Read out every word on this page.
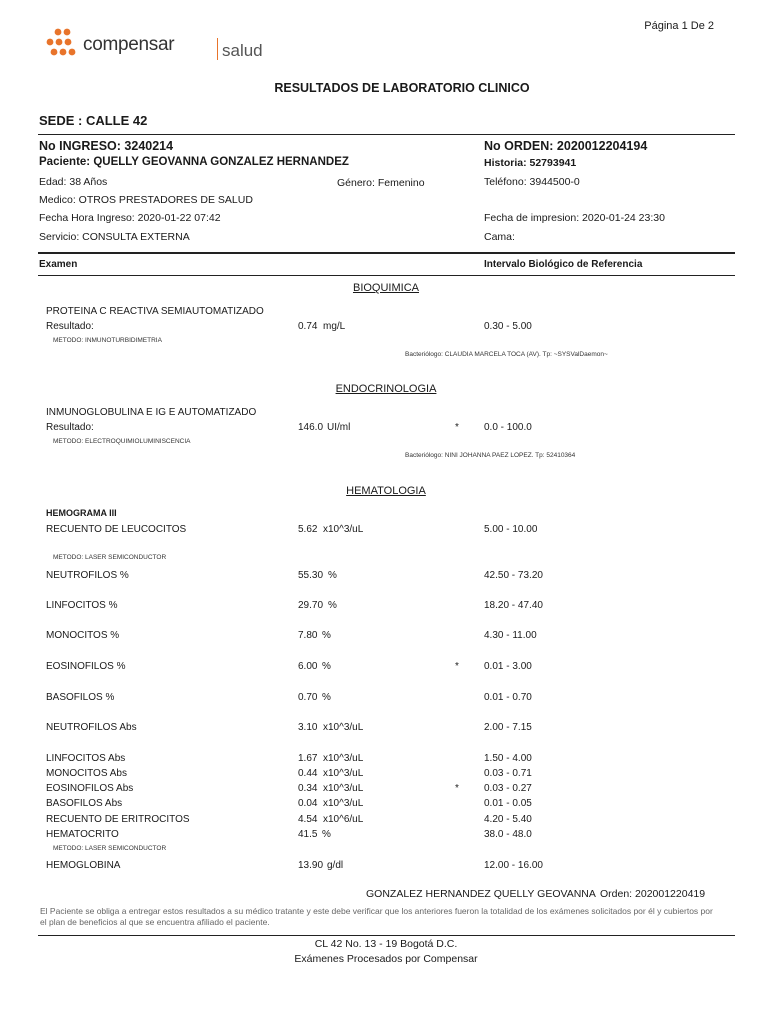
Página 1 De 2
compensar	salud
RESULTADOS DE LABORATORIO CLINICO
SEDE : CALLE 42
No INGRESO: 3240214	No ORDEN: 2020012204194
Paciente: QUELLY GEOVANNA GONZALEZ HERNANDEZ	Historia: 52793941
Edad: 38 Años	Género: Femenino	Teléfono: 3944500-0
Medico: OTROS PRESTADORES DE SALUD
Fecha Hora Ingreso: 2020-01-22 07:42	Fecha de impresion: 2020-01-24 23:30
Servicio: CONSULTA EXTERNA	Cama:
Examen	Intervalo Biológico de Referencia
BIOQUIMICA
PROTEINA C REACTIVA SEMIAUTOMATIZADO
Resultado:	0.74 mg/L	0.30 - 5.00
METODO: INMUNOTURBIDIMETRIA
Bacteriólogo: CLAUDIA MARCELA TOCA (AV). Tp: ~SYSValDaemon~
ENDOCRINOLOGIA
INMUNOGLOBULINA E IG E AUTOMATIZADO
Resultado:	146.0 UI/ml	*	0.0 - 100.0
METODO: ELECTROQUIMIOLUMINISCENCIA
Bacteriólogo: NINI JOHANNA PAEZ LOPEZ. Tp: 52410364
HEMATOLOGIA
HEMOGRAMA III
RECUENTO DE LEUCOCITOS	5.62 x10^3/uL	5.00 - 10.00
METODO: LASER SEMICONDUCTOR
NEUTROFILOS %	55.30 %	42.50 - 73.20
LINFOCITOS %	29.70 %	18.20 - 47.40
MONOCITOS %	7.80 %	4.30 - 11.00
EOSINOFILOS %	6.00 %	*	0.01 - 3.00
BASOFILOS %	0.70 %	0.01 - 0.70
NEUTROFILOS Abs	3.10 x10^3/uL	2.00 - 7.15
LINFOCITOS Abs	1.67 x10^3/uL	1.50 - 4.00
MONOCITOS Abs	0.44 x10^3/uL	0.03 - 0.71
EOSINOFILOS Abs	0.34 x10^3/uL	*	0.03 - 0.27
BASOFILOS Abs	0.04 x10^3/uL	0.01 - 0.05
RECUENTO DE ERITROCITOS	4.54 x10^6/uL	4.20 - 5.40
HEMATOCRITO	41.5 %	38.0 - 48.0
METODO: LASER SEMICONDUCTOR
HEMOGLOBINA	13.90 g/dl	12.00 - 16.00
GONZALEZ HERNANDEZ QUELLY GEOVANNA Orden: 202001220419
El Paciente se obliga a entregar estos resultados a su médico tratante y este debe verificar que los anteriores fueron la totalidad de los exámenes solicitados por él y cubiertos por el plan de beneficios al que se encuentra afiliado el paciente.
CL 42 No. 13 - 19 Bogotá D.C.
Exámenes Procesados por Compensar
